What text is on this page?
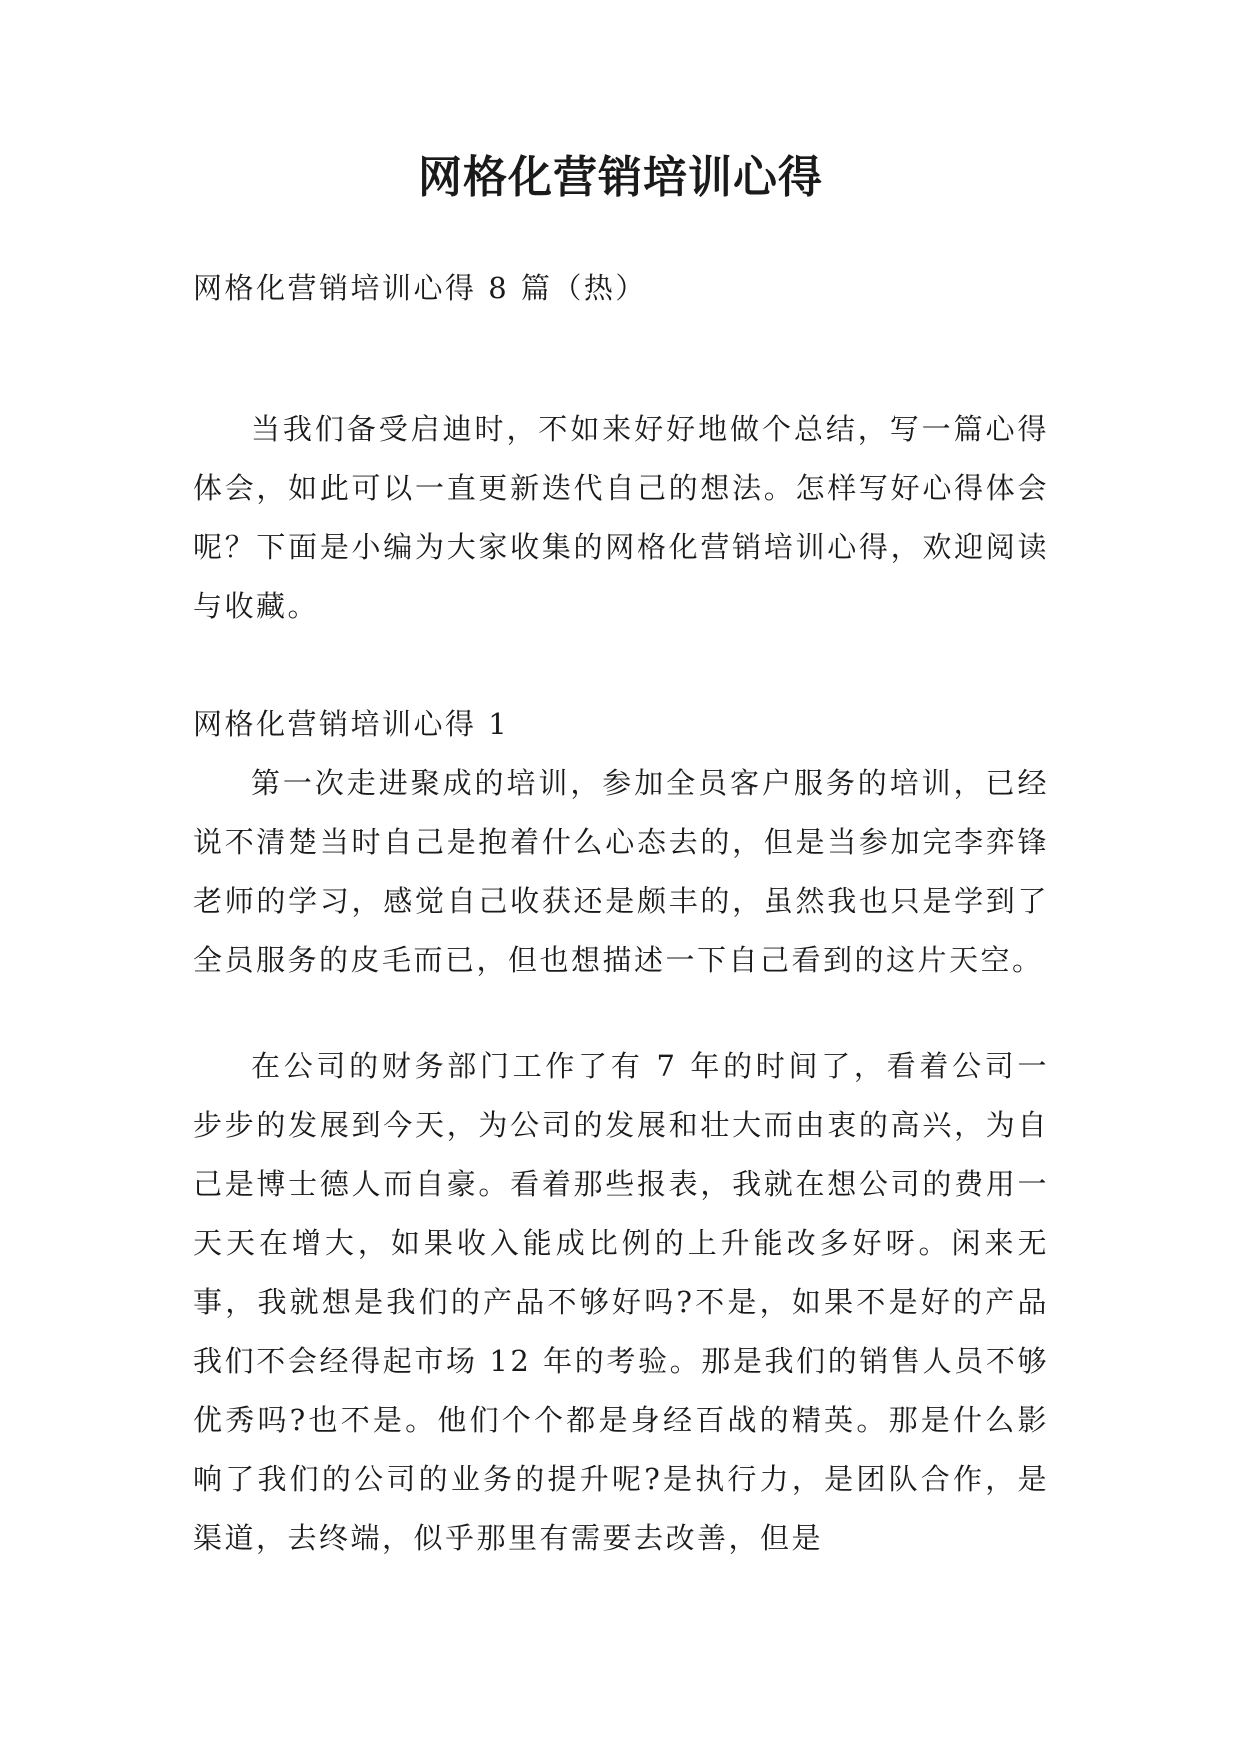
网格化营销培训心得

网格化营销培训心得 8 篇（热）

当我们备受启迪时，不如来好好地做个总结，写一篇心得体会，如此可以一直更新迭代自己的想法。怎样写好心得体会呢？下面是小编为大家收集的网格化营销培训心得，欢迎阅读与收藏。

网格化营销培训心得 1

第一次走进聚成的培训，参加全员客户服务的培训，已经说不清楚当时自己是抱着什么心态去的，但是当参加完李弈锋老师的学习，感觉自己收获还是颇丰的，虽然我也只是学到了全员服务的皮毛而已，但也想描述一下自己看到的这片天空。

在公司的财务部门工作了有 7 年的时间了，看着公司一步步的发展到今天，为公司的发展和壮大而由衷的高兴，为自己是博士德人而自豪。看着那些报表，我就在想公司的费用一天天在增大，如果收入能成比例的上升能改多好呀。闲来无事，我就想是我们的产品不够好吗?不是，如果不是好的产品我们不会经得起市场 12 年的考验。那是我们的销售人员不够优秀吗?也不是。他们个个都是身经百战的精英。那是什么影响了我们的公司的业务的提升呢?是执行力，是团队合作，是渠道，去终端，似乎那里有需要去改善，但是
